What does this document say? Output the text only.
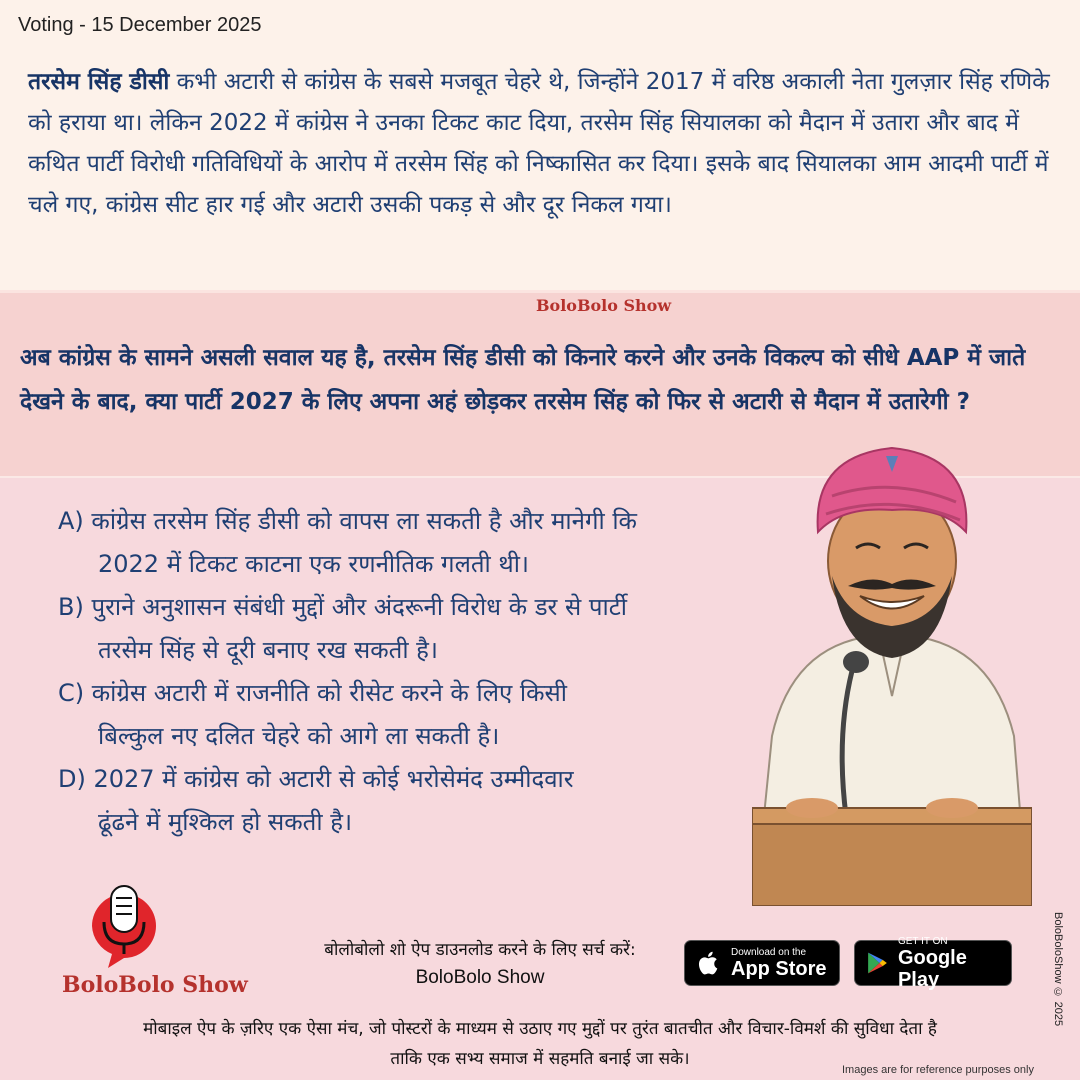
Voting - 15 December 2025
तरसेम सिंह डीसी कभी अटारी से कांग्रेस के सबसे मजबूत चेहरे थे, जिन्होंने 2017 में वरिष्ठ अकाली नेता गुलज़ार सिंह रणिके को हराया था। लेकिन 2022 में कांग्रेस ने उनका टिकट काट दिया, तरसेम सिंह सियालका को मैदान में उतारा और बाद में कथित पार्टी विरोधी गतिविधियों के आरोप में तरसेम सिंह को निष्कासित कर दिया। इसके बाद सियालका आम आदमी पार्टी में चले गए, कांग्रेस सीट हार गई और अटारी उसकी पकड़ से और दूर निकल गया।
BoloBolo Show
अब कांग्रेस के सामने असली सवाल यह है, तरसेम सिंह डीसी को किनारे करने और उनके विकल्प को सीधे AAP में जाते देखने के बाद, क्या पार्टी 2027 के लिए अपना अहं छोड़कर तरसेम सिंह को फिर से अटारी से मैदान में उतारेगी ?
A) कांग्रेस तरसेम सिंह डीसी को वापस ला सकती है और मानेगी कि
2022 में टिकट काटना एक रणनीतिक गलती थी।
B) पुराने अनुशासन संबंधी मुद्दों और अंदरूनी विरोध के डर से पार्टी
तरसेम सिंह से दूरी बनाए रख सकती है।
C) कांग्रेस अटारी में राजनीति को रीसेट करने के लिए किसी
बिल्कुल नए दलित चेहरे को आगे ला सकती है।
D) 2027 में कांग्रेस को अटारी से कोई भरोसेमंद उम्मीदवार
ढूंढने में मुश्किल हो सकती है।
BoloBolo Show
बोलोबोलो शो ऐप डाउनलोड करने के लिए सर्च करें:
BoloBolo Show
Download on the
App Store
GET IT ON
Google Play	BoloBoloShow © 2025
मोबाइल ऐप के ज़रिए एक ऐसा मंच, जो पोस्टरों के माध्यम से उठाए गए मुद्दों पर तुरंत बातचीत और विचार-विमर्श की सुविधा देता है
ताकि एक सभ्य समाज में सहमति बनाई जा सके।
Images are for reference purposes only
